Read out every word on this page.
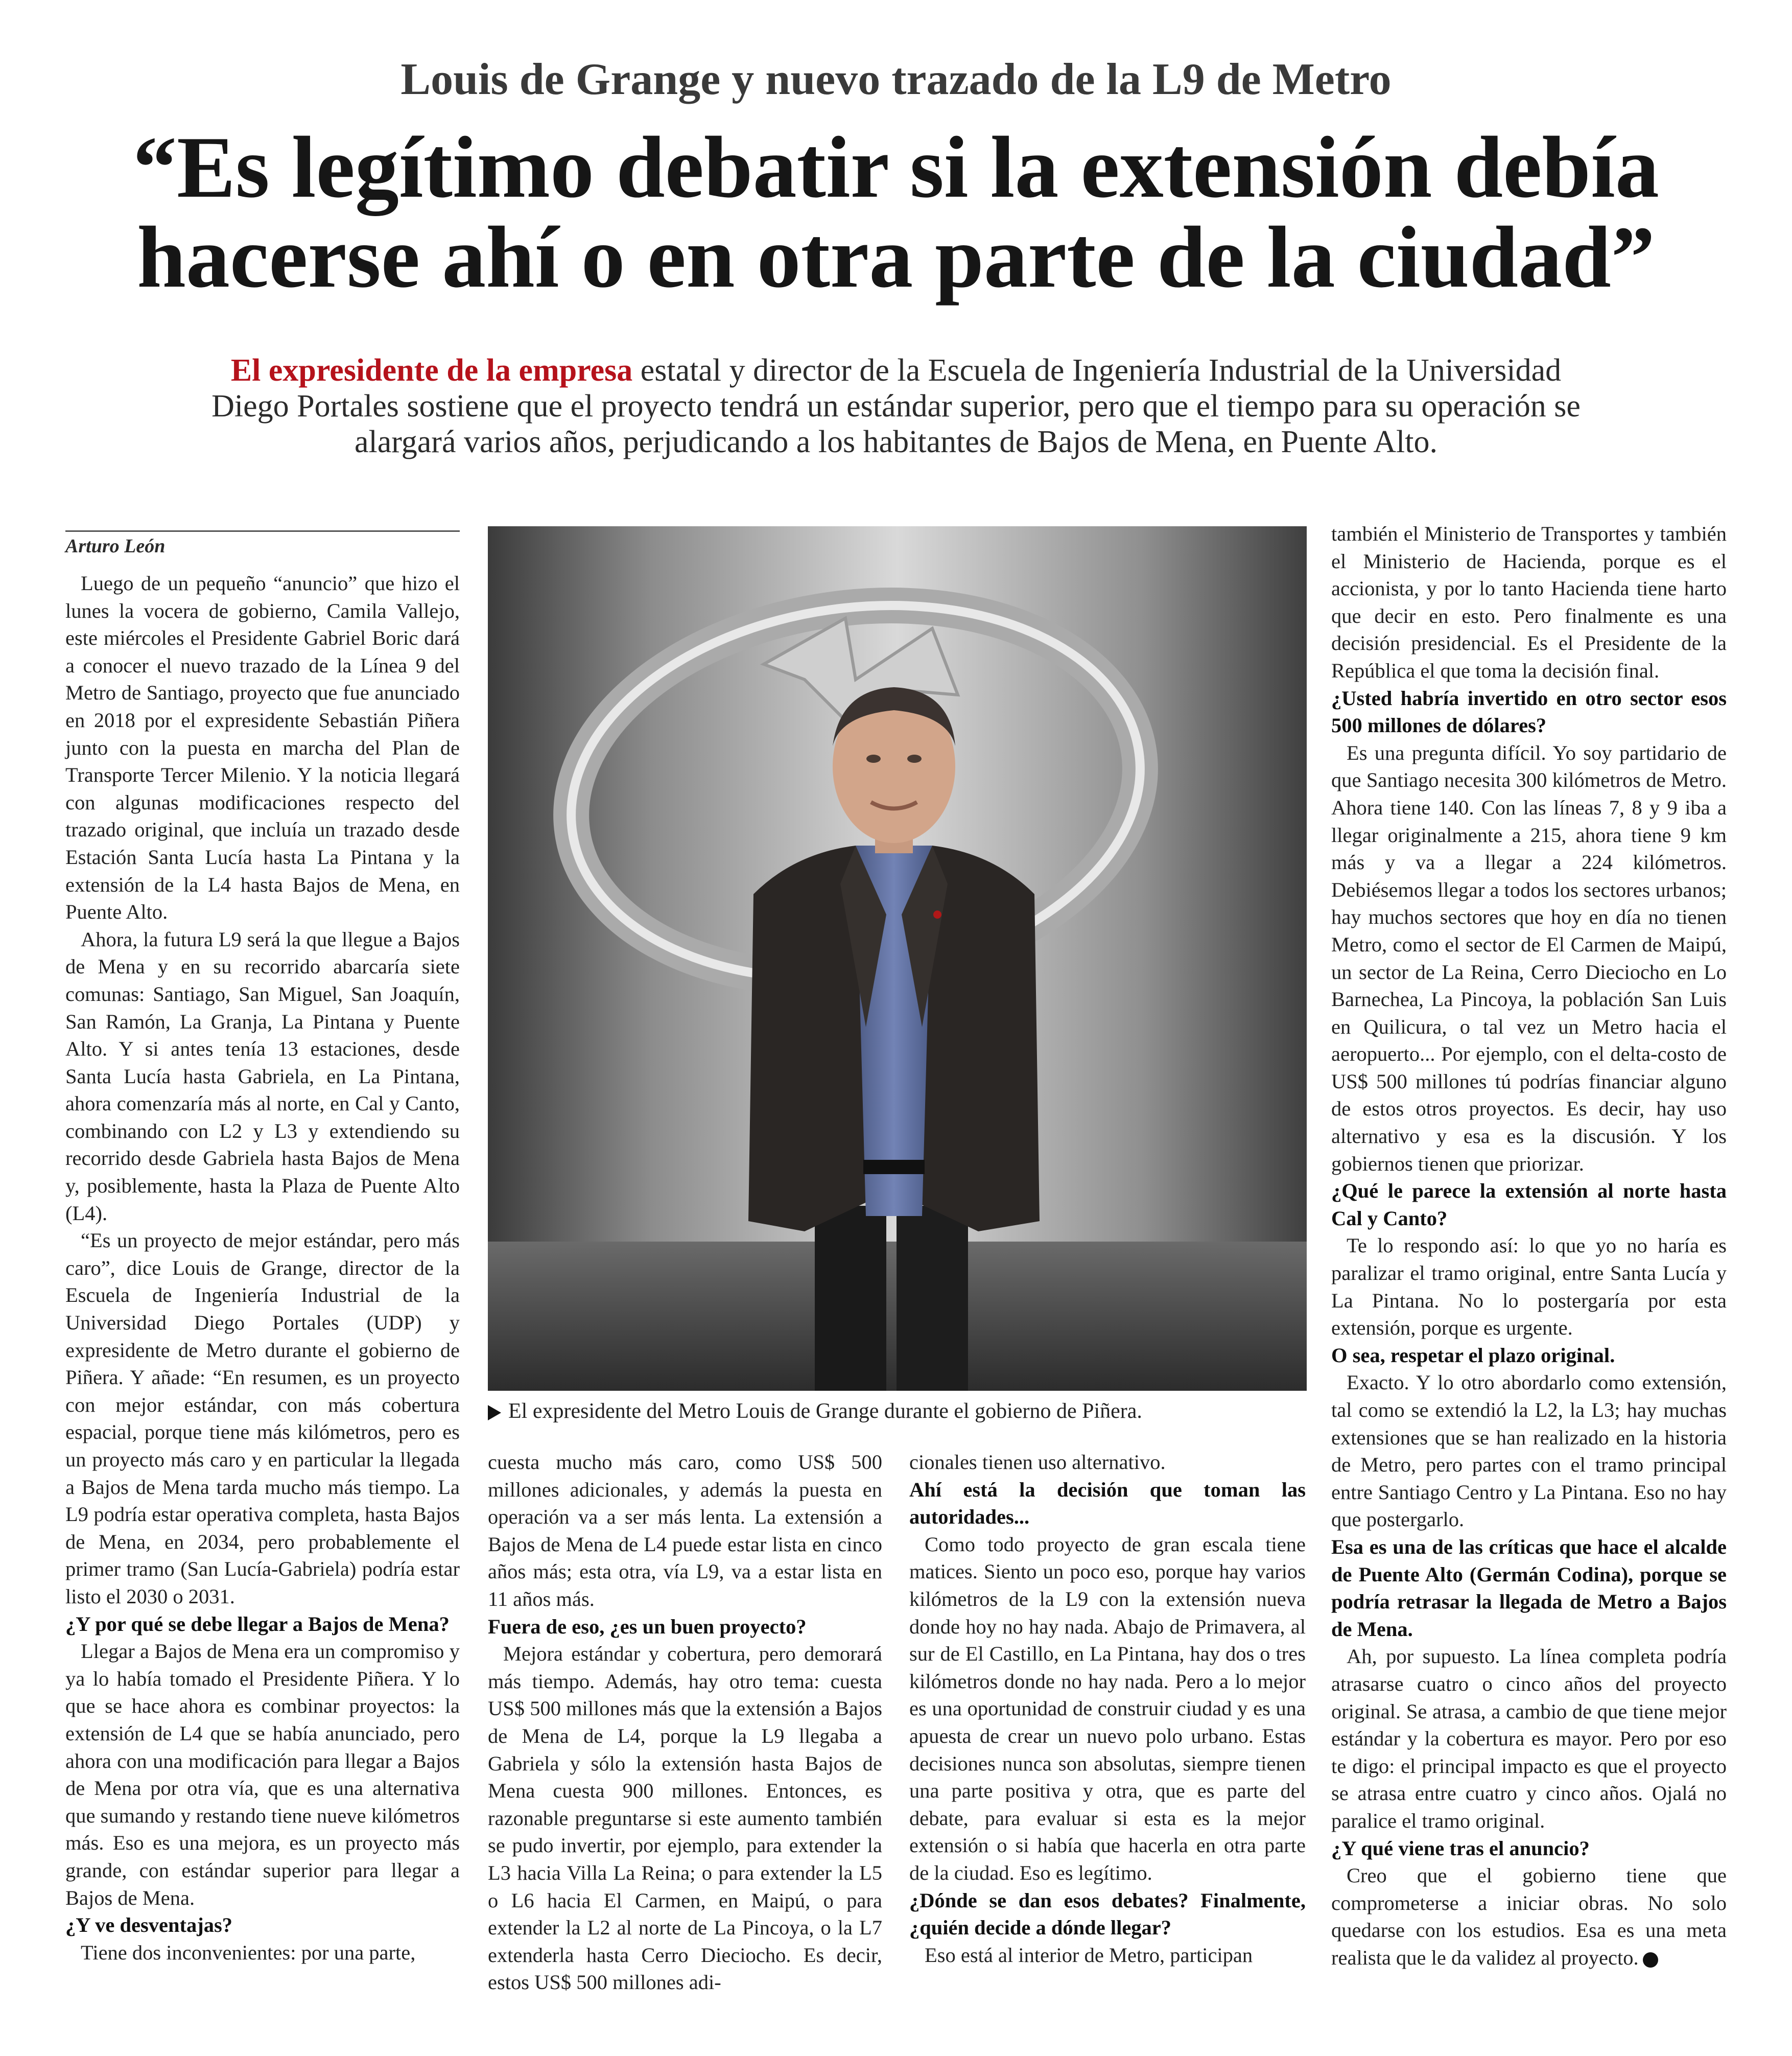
Louis de Grange y nuevo trazado de la L9 de Metro
“Es legítimo debatir si la extensión debía hacerse ahí o en otra parte de la ciudad”
El expresidente de la empresa estatal y director de la Escuela de Ingeniería Industrial de la Universidad Diego Portales sostiene que el proyecto tendrá un estándar superior, pero que el tiempo para su operación se alargará varios años, perjudicando a los habitantes de Bajos de Mena, en Puente Alto.
Arturo León
El expresidente del Metro Louis de Grange durante el gobierno de Piñera.

Luego de un pequeño “anuncio” que hizo el lunes la vocera de gobierno, Camila Vallejo, este miércoles el Presidente Gabriel Boric dará a conocer el nuevo trazado de la Línea 9 del Metro de Santiago, proyecto que fue anunciado en 2018 por el expresidente Sebastián Piñera junto con la puesta en marcha del Plan de Transporte Tercer Milenio. Y la noticia llegará con algunas modificaciones respecto del trazado original, que incluía un trazado desde Estación Santa Lucía hasta La Pintana y la extensión de la L4 hasta Bajos de Mena, en Puente Alto.

Ahora, la futura L9 será la que llegue a Bajos de Mena y en su recorrido abarcaría siete comunas: Santiago, San Miguel, San Joaquín, San Ramón, La Granja, La Pintana y Puente Alto. Y si antes tenía 13 estaciones, desde Santa Lucía hasta Gabriela, en La Pintana, ahora comenzaría más al norte, en Cal y Canto, combinando con L2 y L3 y extendiendo su recorrido desde Gabriela hasta Bajos de Mena y, posiblemente, hasta la Plaza de Puente Alto (L4).

“Es un proyecto de mejor estándar, pero más caro”, dice Louis de Grange, director de la Escuela de Ingeniería Industrial de la Universidad Diego Portales (UDP) y expresidente de Metro durante el gobierno de Piñera. Y añade: “En resumen, es un proyecto con mejor estándar, con más cobertura espacial, porque tiene más kilómetros, pero es un proyecto más caro y en particular la llegada a Bajos de Mena tarda mucho más tiempo. La L9 podría estar operativa completa, hasta Bajos de Mena, en 2034, pero probablemente el primer tramo (San Lucía-Gabriela) podría estar listo el 2030 o 2031.

¿Y por qué se debe llegar a Bajos de Mena?

Llegar a Bajos de Mena era un compromiso y ya lo había tomado el Presidente Piñera. Y lo que se hace ahora es combinar proyectos: la extensión de L4 que se había anunciado, pero ahora con una modificación para llegar a Bajos de Mena por otra vía, que es una alternativa que sumando y restando tiene nueve kilómetros más. Eso es una mejora, es un proyecto más grande, con estándar superior para llegar a Bajos de Mena.

¿Y ve desventajas?

Tiene dos inconvenientes: por una parte,

cuesta mucho más caro, como US$ 500 millones adicionales, y además la puesta en operación va a ser más lenta. La extensión a Bajos de Mena de L4 puede estar lista en cinco años más; esta otra, vía L9, va a estar lista en 11 años más.

Fuera de eso, ¿es un buen proyecto?

Mejora estándar y cobertura, pero demorará más tiempo. Además, hay otro tema: cuesta US$ 500 millones más que la extensión a Bajos de Mena de L4, porque la L9 llegaba a Gabriela y sólo la extensión hasta Bajos de Mena cuesta 900 millones. Entonces, es razonable preguntarse si este aumento también se pudo invertir, por ejemplo, para extender la L3 hacia Villa La Reina; o para extender la L5 o L6 hacia El Carmen, en Maipú, o para extender la L2 al norte de La Pincoya, o la L7 extenderla hasta Cerro Dieciocho. Es decir, estos US$ 500 millones adi-

cionales tienen uso alternativo.

Ahí está la decisión que toman las autoridades...

Como todo proyecto de gran escala tiene matices. Siento un poco eso, porque hay varios kilómetros de la L9 con la extensión nueva donde hoy no hay nada. Abajo de Primavera, al sur de El Castillo, en La Pintana, hay dos o tres kilómetros donde no hay nada. Pero a lo mejor es una oportunidad de construir ciudad y es una apuesta de crear un nuevo polo urbano. Estas decisiones nunca son absolutas, siempre tienen una parte positiva y otra, que es parte del debate, para evaluar si esta es la mejor extensión o si había que hacerla en otra parte de la ciudad. Eso es legítimo.

¿Dónde se dan esos debates? Finalmente, ¿quién decide a dónde llegar?

Eso está al interior de Metro, participan

también el Ministerio de Transportes y también el Ministerio de Hacienda, porque es el accionista, y por lo tanto Hacienda tiene harto que decir en esto. Pero finalmente es una decisión presidencial. Es el Presidente de la República el que toma la decisión final.

¿Usted habría invertido en otro sector esos 500 millones de dólares?

Es una pregunta difícil. Yo soy partidario de que Santiago necesita 300 kilómetros de Metro. Ahora tiene 140. Con las líneas 7, 8 y 9 iba a llegar originalmente a 215, ahora tiene 9 km más y va a llegar a 224 kilómetros. Debiésemos llegar a todos los sectores urbanos; hay muchos sectores que hoy en día no tienen Metro, como el sector de El Carmen de Maipú, un sector de La Reina, Cerro Dieciocho en Lo Barnechea, La Pincoya, la población San Luis en Quilicura, o tal vez un Metro hacia el aeropuerto... Por ejemplo, con el delta-costo de US$ 500 millones tú podrías financiar alguno de estos otros proyectos. Es decir, hay uso alternativo y esa es la discusión. Y los gobiernos tienen que priorizar.

¿Qué le parece la extensión al norte hasta Cal y Canto?

Te lo respondo así: lo que yo no haría es paralizar el tramo original, entre Santa Lucía y La Pintana. No lo postergaría por esta extensión, porque es urgente.

O sea, respetar el plazo original.

Exacto. Y lo otro abordarlo como extensión, tal como se extendió la L2, la L3; hay muchas extensiones que se han realizado en la historia de Metro, pero partes con el tramo principal entre Santiago Centro y La Pintana. Eso no hay que postergarlo.

Esa es una de las críticas que hace el alcalde de Puente Alto (Germán Codina), porque se podría retrasar la llegada de Metro a Bajos de Mena.

Ah, por supuesto. La línea completa podría atrasarse cuatro o cinco años del proyecto original. Se atrasa, a cambio de que tiene mejor estándar y la cobertura es mayor. Pero por eso te digo: el principal impacto es que el proyecto se atrasa entre cuatro y cinco años. Ojalá no paralice el tramo original.

¿Y qué viene tras el anuncio?

Creo que el gobierno tiene que comprometerse a iniciar obras. No solo quedarse con los estudios. Esa es una meta realista que le da validez al proyecto.
